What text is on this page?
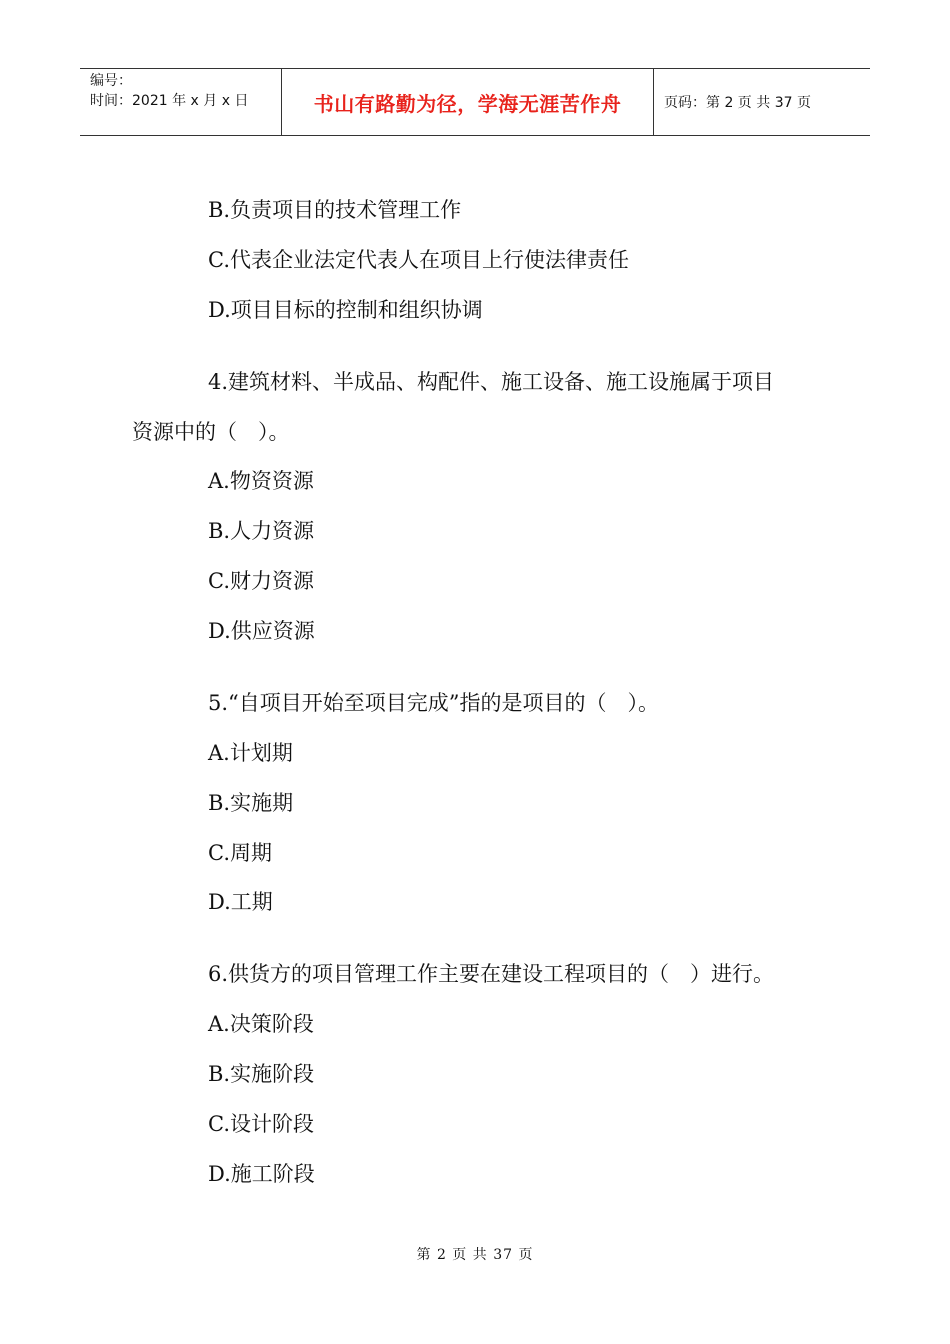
编号：
时间：2021 年 x 月 x 日	书山有路勤为径，学海无涯苦作舟	页码：第 2 页 共 37 页
B.负责项目的技术管理工作
C.代表企业法定代表人在项目上行使法律责任
D.项目目标的控制和组织协调
4.建筑材料、半成品、构配件、施工设备、施工设施属于项目
资源中的（　）。
A.物资资源
B.人力资源
C.财力资源
D.供应资源
5.“自项目开始至项目完成”指的是项目的（　）。
A.计划期
B.实施期
C.周期
D.工期
6.供货方的项目管理工作主要在建设工程项目的（　）进行。
A.决策阶段
B.实施阶段
C.设计阶段
D.施工阶段
第 2 页 共 37 页
